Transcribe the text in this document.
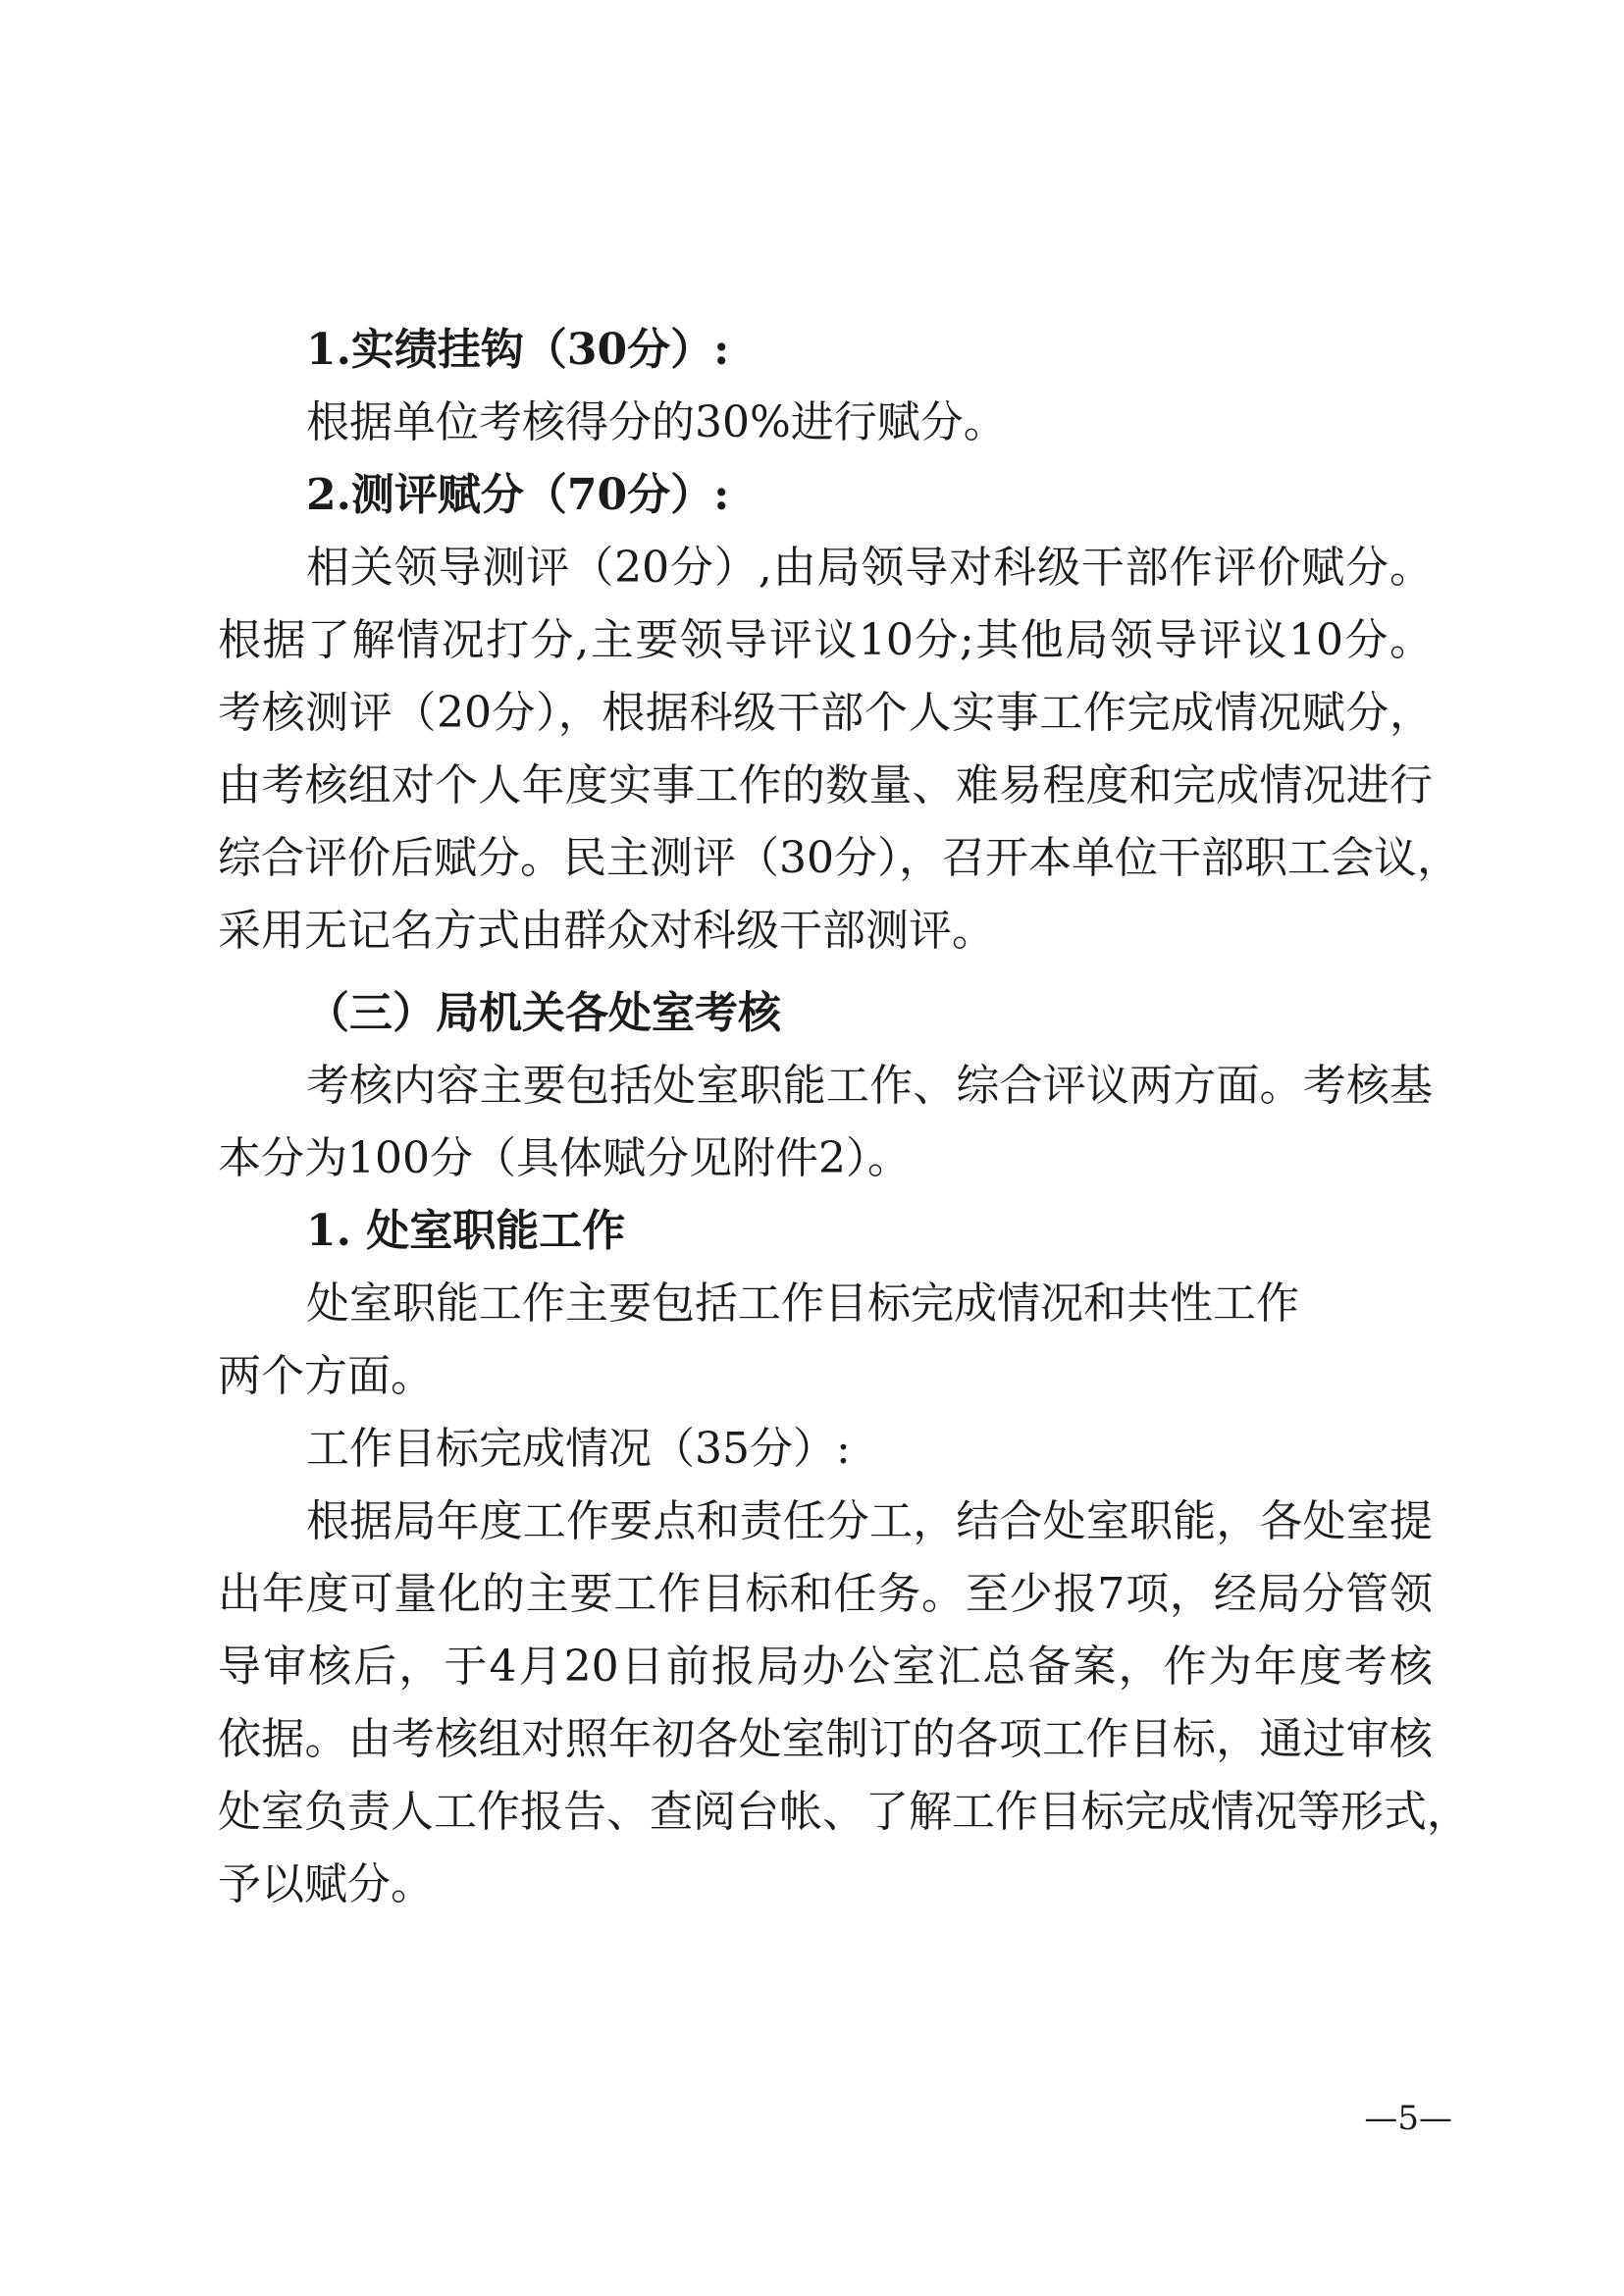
1.实绩挂钩（30分）:
根据单位考核得分的30%进行赋分。
2.测评赋分（70分）:
相关领导测评（20分）,由局领导对科级干部作评价赋分。
根据了解情况打分,主要领导评议10分;其他局领导评议10分。
考核测评（20分），根据科级干部个人实事工作完成情况赋分，
由考核组对个人年度实事工作的数量、难易程度和完成情况进行
综合评价后赋分。民主测评（30分），召开本单位干部职工会议，
采用无记名方式由群众对科级干部测评。
（三）局机关各处室考核
考核内容主要包括处室职能工作、综合评议两方面。考核基
本分为100分（具体赋分见附件2）。
1. 处室职能工作
处室职能工作主要包括工作目标完成情况和共性工作
两个方面。
工作目标完成情况（35分）:
根据局年度工作要点和责任分工，结合处室职能，各处室提
出年度可量化的主要工作目标和任务。至少报7项，经局分管领
导审核后，于4月20日前报局办公室汇总备案，作为年度考核
依据。由考核组对照年初各处室制订的各项工作目标，通过审核
处室负责人工作报告、查阅台帐、了解工作目标完成情况等形式，
予以赋分。
—5—
